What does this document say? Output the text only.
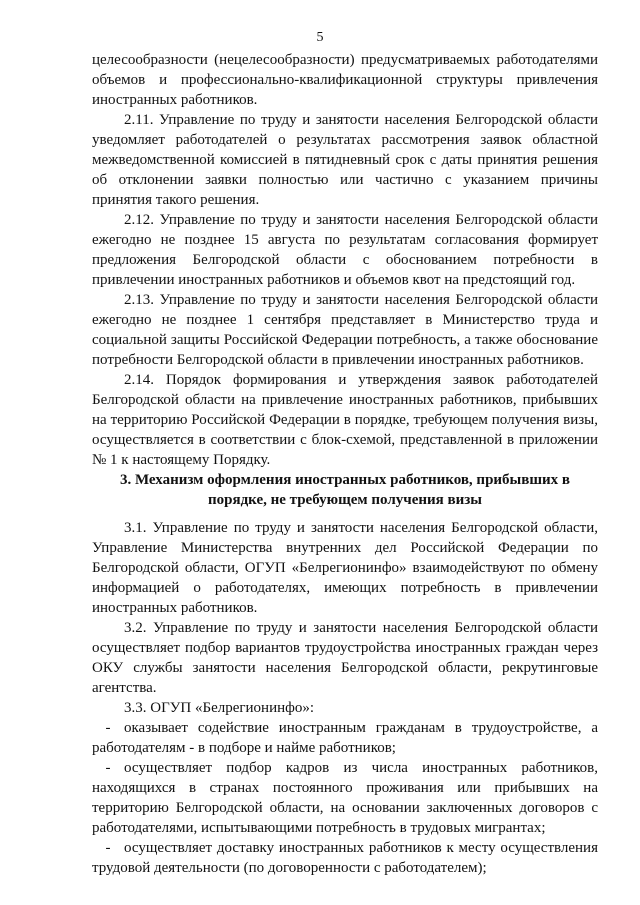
5

целесообразности (нецелесообразности) предусматриваемых работодателями объемов и профессионально-квалификационной структуры привлечения иностранных работников.

2.11. Управление по труду и занятости населения Белгородской области уведомляет работодателей о результатах рассмотрения заявок областной межведомственной комиссией в пятидневный срок с даты принятия решения об отклонении заявки полностью или частично с указанием причины принятия такого решения.

2.12. Управление по труду и занятости населения Белгородской области ежегодно не позднее 15 августа по результатам согласования формирует предложения Белгородской области с обоснованием потребности в привлечении иностранных работников и объемов квот на предстоящий год.

2.13. Управление по труду и занятости населения Белгородской области ежегодно не позднее 1 сентября представляет в Министерство труда и социальной защиты Российской Федерации потребность, а также обоснование потребности Белгородской области в привлечении иностранных работников.

2.14. Порядок формирования и утверждения заявок работодателей Белгородской области на привлечение иностранных работников, прибывших на территорию Российской Федерации в порядке, требующем получения визы, осуществляется в соответствии с блок-схемой, представленной в приложении № 1 к настоящему Порядку.

3. Механизм оформления иностранных работников, прибывших в
порядке, не требующем получения визы

3.1. Управление по труду и занятости населения Белгородской области, Управление Министерства внутренних дел Российской Федерации по Белгородской области, ОГУП «Белрегионинфо» взаимодействуют по обмену информацией о работодателях, имеющих потребность в привлечении иностранных работников.

3.2. Управление по труду и занятости населения Белгородской области осуществляет подбор вариантов трудоустройства иностранных граждан через ОКУ службы занятости населения Белгородской области, рекрутинговые агентства.

3.3. ОГУП «Белрегионинфо»:

- оказывает содействие иностранным гражданам в трудоустройстве, а работодателям - в подборе и найме работников;

- осуществляет подбор кадров из числа иностранных работников, находящихся в странах постоянного проживания или прибывших на территорию Белгородской области, на основании заключенных договоров с работодателями, испытывающими потребность в трудовых мигрантах;

- осуществляет доставку иностранных работников к месту осуществления трудовой деятельности (по договоренности с работодателем);
